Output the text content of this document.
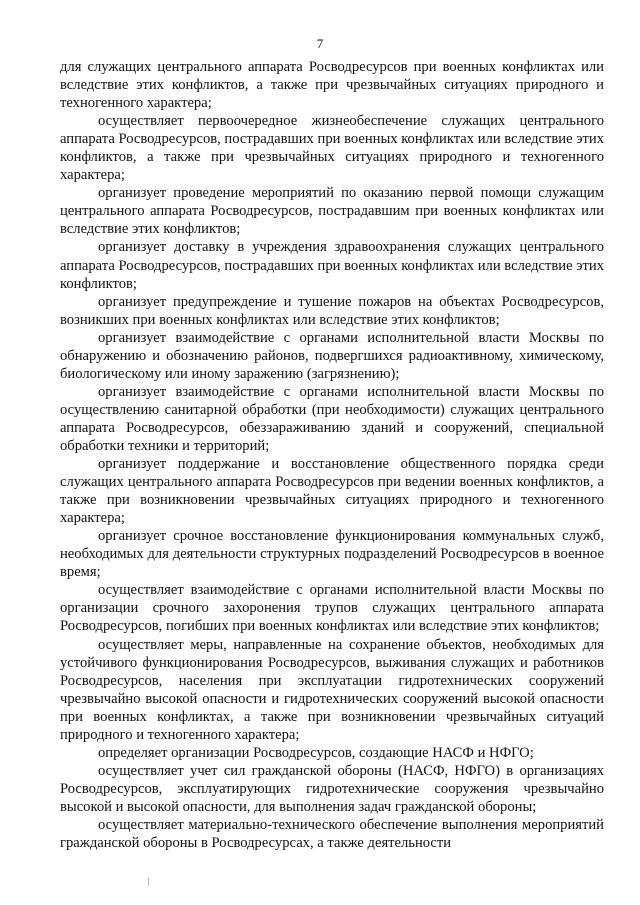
7

для служащих центрального аппарата Росводресурсов при военных конфликтах или вследствие этих конфликтов, а также при чрезвычайных ситуациях природного и техногенного характера;

осуществляет первоочередное жизнеобеспечение служащих центрального аппарата Росводресурсов, пострадавших при военных конфликтах или вследствие этих конфликтов, а также при чрезвычайных ситуациях природного и техногенного характера;

организует проведение мероприятий по оказанию первой помощи служащим центрального аппарата Росводресурсов, пострадавшим при военных конфликтах или вследствие этих конфликтов;

организует доставку в учреждения здравоохранения служащих центрального аппарата Росводресурсов, пострадавших при военных конфликтах или вследствие этих конфликтов;

организует предупреждение и тушение пожаров на объектах Росводресурсов, возникших при военных конфликтах или вследствие этих конфликтов;

организует взаимодействие с органами исполнительной власти Москвы по обнаружению и обозначению районов, подвергшихся радиоактивному, химическому, биологическому или иному заражению (загрязнению);

организует взаимодействие с органами исполнительной власти Москвы по осуществлению санитарной обработки (при необходимости) служащих центрального аппарата Росводресурсов, обеззараживанию зданий и сооружений, специальной обработки техники и территорий;

организует поддержание и восстановление общественного порядка среди служащих центрального аппарата Росводресурсов при ведении военных конфликтов, а также при возникновении чрезвычайных ситуациях природного и техногенного характера;

организует срочное восстановление функционирования коммунальных служб, необходимых для деятельности структурных подразделений Росводресурсов в военное время;

осуществляет взаимодействие с органами исполнительной власти Москвы по организации срочного захоронения трупов служащих центрального аппарата Росводресурсов, погибших при военных конфликтах или вследствие этих конфликтов;

осуществляет меры, направленные на сохранение объектов, необходимых для устойчивого функционирования Росводресурсов, выживания служащих и работников Росводресурсов, населения при эксплуатации гидротехнических сооружений чрезвычайно высокой опасности и гидротехнических сооружений высокой опасности при военных конфликтах, а также при возникновении чрезвычайных ситуаций природного и техногенного характера;

определяет организации Росводресурсов, создающие НАСФ и НФГО;

осуществляет учет сил гражданской обороны (НАСФ, НФГО) в организациях Росводресурсов, эксплуатирующих гидротехнические сооружения чрезвычайно высокой и высокой опасности, для выполнения задач гражданской обороны;

осуществляет материально-технического обеспечение выполнения мероприятий гражданской обороны в Росводресурсах, а также деятельности
